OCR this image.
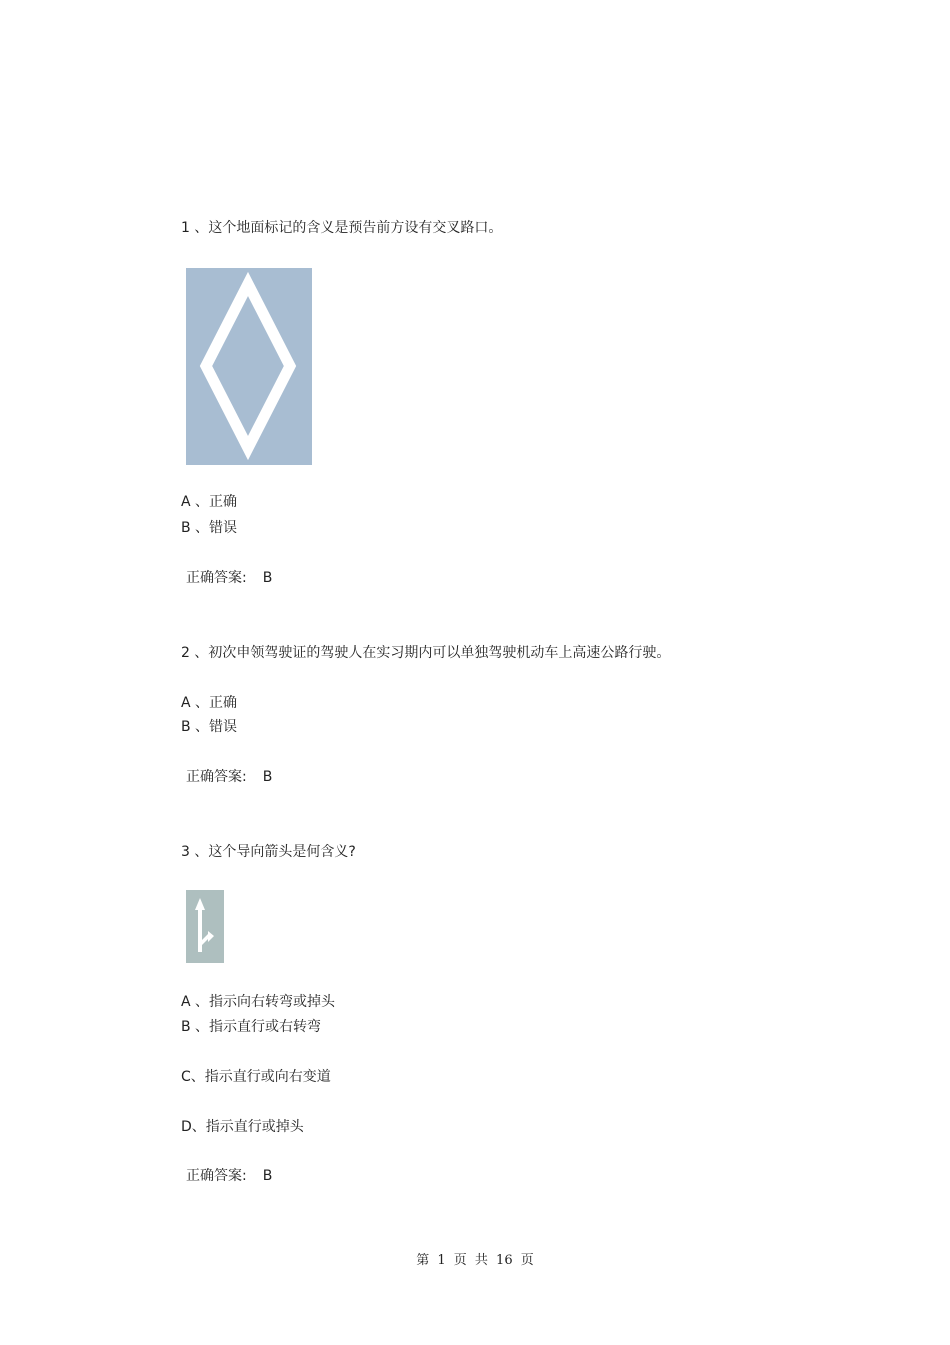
1 、这个地面标记的含义是预告前方设有交叉路口。
A 、正确
B 、错误
正确答案: B
2 、初次申领驾驶证的驾驶人在实习期内可以单独驾驶机动车上高速公路行驶。
A 、正确
B 、错误
正确答案: B
3 、这个导向箭头是何含义?
A 、指示向右转弯或掉头
B 、指示直行或右转弯
C、指示直行或向右变道
D、指示直行或掉头
正确答案: B
第 1 页 共 16 页
